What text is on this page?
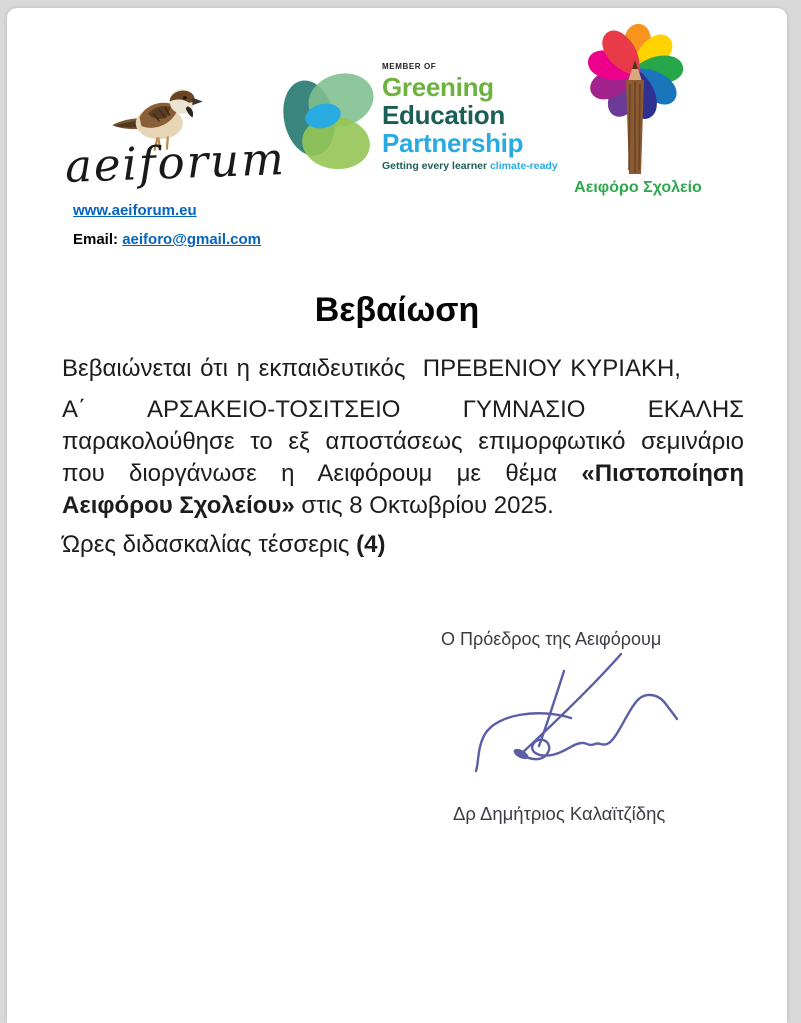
aeiforum
www.aeiforum.eu
Email: aeiforo@gmail.com
MEMBER OF
Greening
Education
Partnership
Getting every learner climate-ready
Αειφόρο Σχολείο
Βεβαίωση

Βεβαιώνεται ότι η εκπαιδευτικός  ΠΡΕΒΕΝΙΟΥ ΚΥΡΙΑΚΗ,

Α΄ ΑΡΣΑΚΕΙΟ-ΤΟΣΙΤΣΕΙΟ ΓΥΜΝΑΣΙΟ ΕΚΑΛΗΣ παρακολούθησε το εξ αποστάσεως επιμορφωτικό σεμινάριο που διοργάνωσε η Αειφόρουμ με θέμα «Πιστοποίηση Αειφόρου Σχολείου» στις 8 Οκτωβρίου 2025.

Ώρες διδασκαλίας τέσσερις (4)

Ο Πρόεδρος της Αειφόρουμ
Δρ Δημήτριος Καλαϊτζίδης
